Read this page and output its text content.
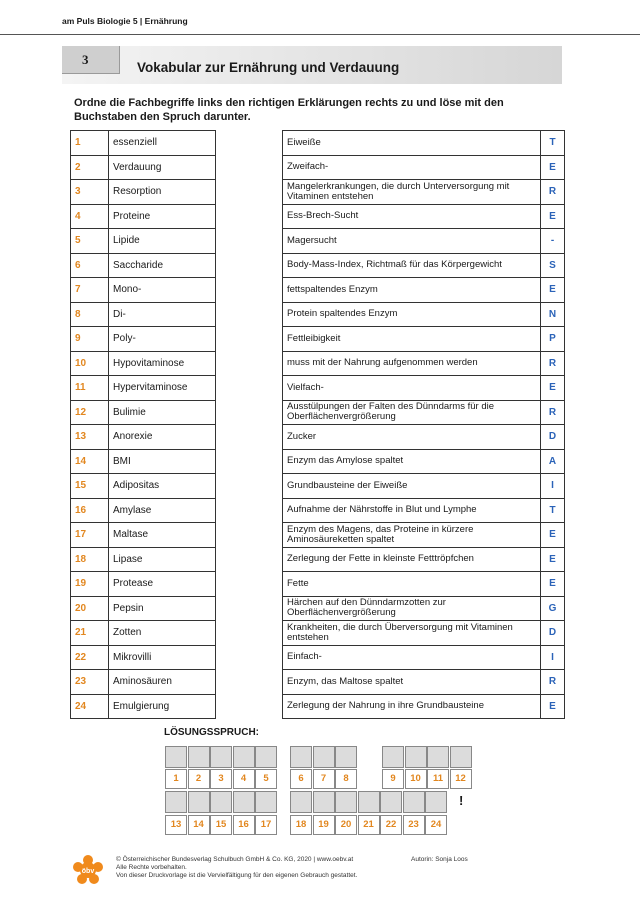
am Puls Biologie 5 | Ernährung
3
Vokabular zur Ernährung und Verdauung
Ordne die Fachbegriffe links den richtigen Erklärungen rechts zu und löse mit den Buchstaben den Spruch darunter.
1	essenziell
2	Verdauung
3	Resorption
4	Proteine
5	Lipide
6	Saccharide
7	Mono-
8	Di-
9	Poly-
10	Hypovitaminose
11	Hypervitaminose
12	Bulimie
13	Anorexie
14	BMI
15	Adipositas
16	Amylase
17	Maltase
18	Lipase
19	Protease
20	Pepsin
21	Zotten
22	Mikrovilli
23	Aminosäuren
24	Emulgierung
Eiweiße	T
Zweifach-	E
Mangelerkrankungen, die durch Unterversorgung mit Vitaminen entstehen	R
Ess-Brech-Sucht	E
Magersucht	-
Body-Mass-Index, Richtmaß für das Körpergewicht	S
fettspaltendes Enzym	E
Protein spaltendes Enzym	N
Fettleibigkeit	P
muss mit der Nahrung aufgenommen werden	R
Vielfach-	E
Ausstülpungen der Falten des Dünndarms für die Oberflächenvergrößerung	R
Zucker	D
Enzym das Amylose spaltet	A
Grundbausteine der Eiweiße	I
Aufnahme der Nährstoffe in Blut und Lymphe	T
Enzym des Magens, das Proteine in kürzere Aminosäureketten spaltet	E
Zerlegung der Fette in kleinste Fetttröpfchen	E
Fette	E
Härchen auf den Dünndarmzotten zur Oberflächenvergrößerung	G
Krankheiten, die durch Überversorgung mit Vitaminen entstehen	D
Einfach-	I
Enzym, das Maltose spaltet	R
Zerlegung der Nahrung in ihre Grundbausteine	E
LÖSUNGSSPRUCH:
1	2	3	4	5	6	7	8	9	10	11	12
13	14	15	16	17	18	19	20	21	22	23	24
!
öbv
© Österreichischer Bundesverlag Schulbuch GmbH & Co. KG, 2020 | www.oebv.at
Alle Rechte vorbehalten.
Von dieser Druckvorlage ist die Vervielfältigung für den eigenen Gebrauch gestattet.
Autorin: Sonja Loos
